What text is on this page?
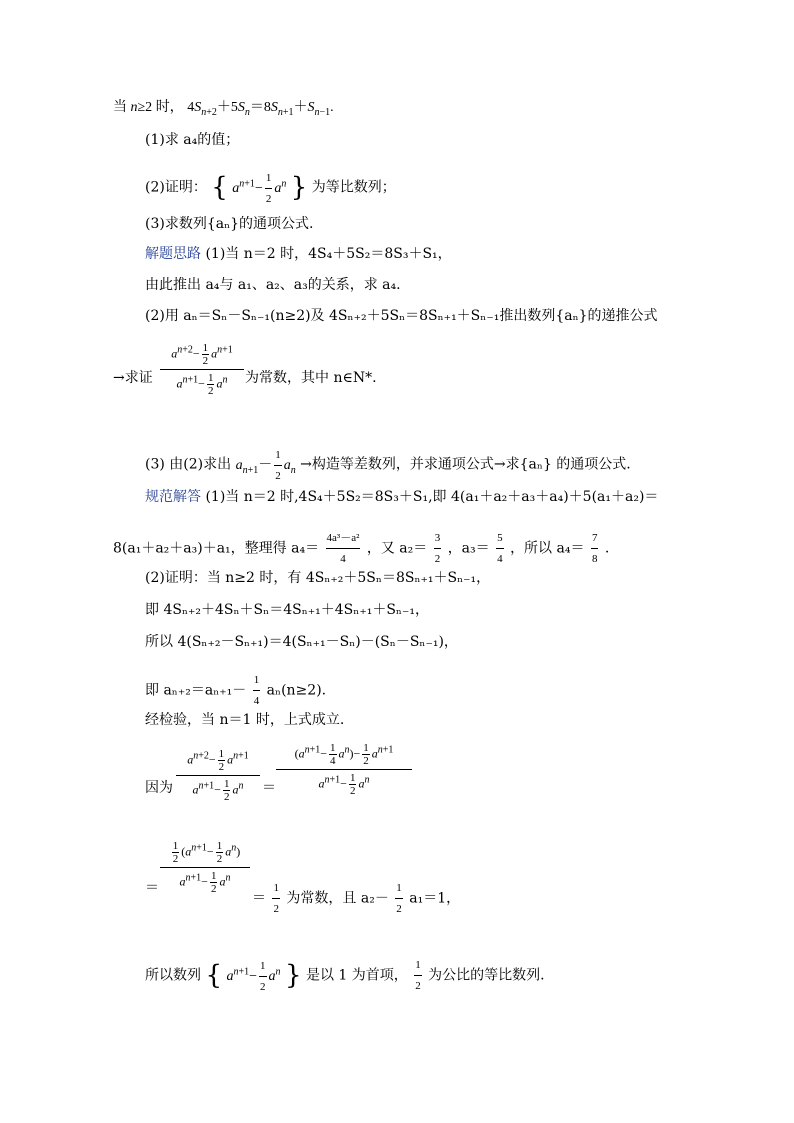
当 n≥2 时， $4S_{n+2}+5S_n=8S_{n+1}+S_{n-1}$.
(1)求 a₄的值；
(2)证明： { $a^{n+1}- \frac{1}{2} a^n$ } 为等比数列；
(3)求数列{aₙ}的通项公式.
解题思路 (1)当 n＝2 时，4S₄＋5S₂＝8S₃＋S₁，
由此推出 a₄与 a₁、a₂、a₃的关系，求 a₄.
(2)用 aₙ＝Sₙ－Sₙ₋₁(n≥2)及 4Sₙ₊₂＋5Sₙ＝8Sₙ₊₁＋Sₙ₋₁推出数列{aₙ}的递推公式
→求证
$a^{n+2}- \frac{1}{2} a^{n+1}$
$a^{n+1}- \frac{1}{2} a^n$	为常数，其中 n∈N*.
(3) 由(2)求出 $a_{n+1}- \frac{1}{2} a_n$ →构造等差数列，并求通项公式→求{aₙ} 的通项公式.
规范解答 (1)当 n＝2 时,4S₄＋5S₂＝8S₃＋S₁,即 4(a₁＋a₂＋a₃＋a₄)＋5(a₁＋a₂)＝
8(a₁＋a₂＋a₃)＋a₁，整理得 $a_4= \frac{\text{4a³－a²}}{4}$ ，又 $a_2= \frac{3}{2}$ ，$a_3= \frac{5}{4}$ ，所以 $a_4= \frac{7}{8}$ .
(2)证明：当 n≥2 时，有 4Sₙ₊₂＋5Sₙ＝8Sₙ₊₁＋Sₙ₋₁，
即 4Sₙ₊₂＋4Sₙ＋Sₙ＝4Sₙ₊₁＋4Sₙ₊₁＋Sₙ₋₁，
所以 4(Sₙ₊₂－Sₙ₊₁)＝4(Sₙ₊₁－Sₙ)－(Sₙ－Sₙ₋₁)，
即 $a_{n+2}=a_{n+1}- \frac{1}{4} a_n(n\ge 2)$.
经检验，当 n＝1 时，上式成立.
因为
$a^{n+2}- \frac{1}{2} a^{n+1}$
$a^{n+1}- \frac{1}{2} a^n$	＝
$(a^{n+1}- \frac{1}{4} a^n)- \frac{1}{2} a^{n+1}$
$a^{n+1}- \frac{1}{2} a^n$
＝
$\frac{1}{2} (a^{n+1}- \frac{1}{2} a^n)$
$a^{n+1}- \frac{1}{2} a^n$
＝ $\frac{1}{2}$ 为常数，且 $a_2- \frac{1}{2} a_1=1$，
所以数列 { $a^{n+1}- \frac{1}{2} a^n$ } 是以 1 为首项， $\frac{1}{2}$ 为公比的等比数列.
